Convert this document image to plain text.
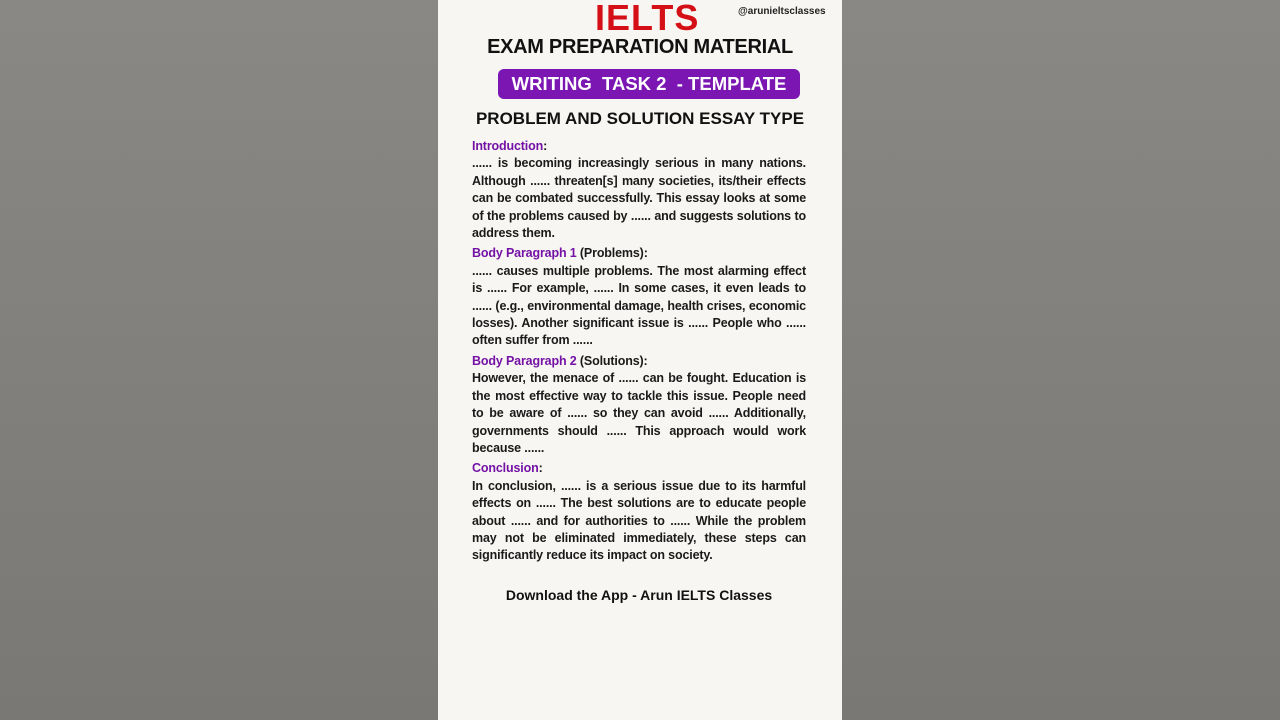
IELTS	@arunieltsclasses
EXAM PREPARATION MATERIAL
WRITING  TASK 2  - TEMPLATE
PROBLEM AND SOLUTION ESSAY TYPE
Introduction:

...... is becoming increasingly serious in many nations. Although ...... threaten[s] many societies, its/their effects can be combated successfully. This essay looks at some of the problems caused by ...... and suggests solutions to address them.

Body Paragraph 1 (Problems):

...... causes multiple problems. The most alarming effect is ...... For example, ...... In some cases, it even leads to ...... (e.g., environmental damage, health crises, economic losses). Another significant issue is ...... People who ...... often suffer from ......

Body Paragraph 2 (Solutions):

However, the menace of ...... can be fought. Education is the most effective way to tackle this issue. People need to be aware of ...... so they can avoid ...... Additionally, governments should ...... This approach would work because ......

Conclusion:

In conclusion, ...... is a serious issue due to its harmful effects on ...... The best solutions are to educate people about ...... and for authorities to ...... While the problem may not be eliminated immediately, these steps can significantly reduce its impact on society.

Download the App - Arun IELTS Classes
